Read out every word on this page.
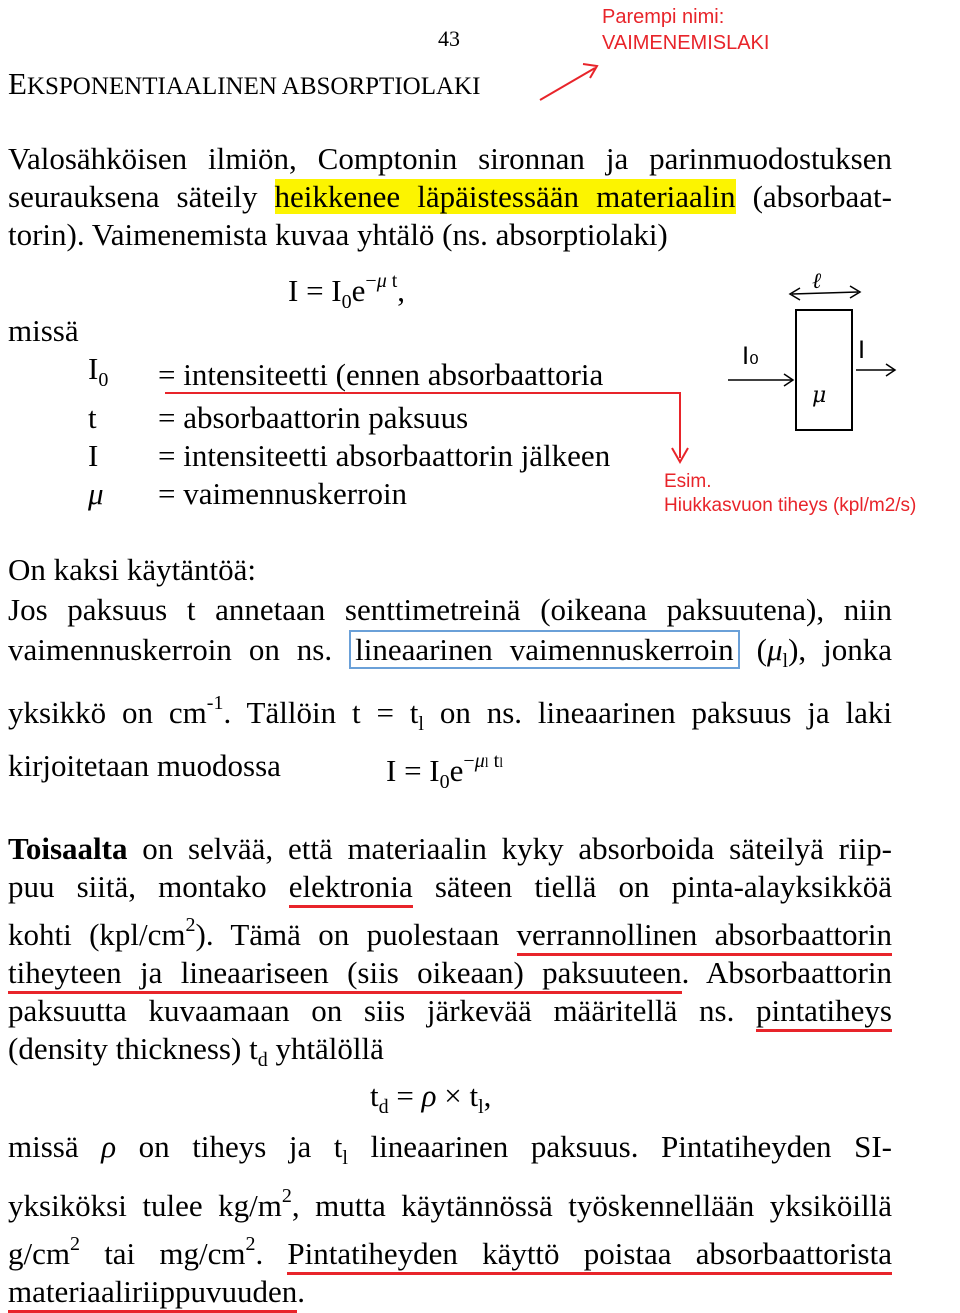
43
Parempi nimi:
VAIMENEMISLAKI
EKSPONENTIAALINEN ABSORPTIOLAKI
Valosähköisen ilmiön, Comptonin sironnan ja parinmuodostuksen
seurauksena säteily heikkenee läpäistessään materiaalin (absorbaat-
torin). Vaimenemista kuvaa yhtälö (ns. absorptiolaki)
$I = I_0e^{-\mu t}$,
missä
$I_0$	= intensiteetti (ennen absorbaattoria
t	= absorbaattorin paksuus
I	= intensiteetti absorbaattorin jälkeen
μ	= vaimennuskerroin
ℓ
I₀	I
μ
Esim.
Hiukkasvuon tiheys (kpl/m2/s)
On kaksi käytäntöä:
Jos paksuus t annetaan senttimetreinä (oikeana paksuutena), niin
vaimennuskerroin on ns. lineaarinen vaimennuskerroin $(\mu_l)$, jonka
yksikkö on $cm^{-1}$. Tällöin $t = t_l$ on ns. lineaarinen paksuus ja laki
kirjoitetaan muodossa	$I = I_0e^{-\mu l tl}$
Toisaalta on selvää, että materiaalin kyky absorboida säteilyä riip-
puu siitä, montako elektronia säteen tiellä on pinta-alayksikköä
kohti $(kpl/cm^2)$. Tämä on puolestaan verrannollinen absorbaattorin
tiheyteen ja lineaariseen (siis oikeaan) paksuuteen. Absorbaattorin
paksuutta kuvaamaan on siis järkevää määritellä ns. pintatiheys
(density thickness) $t_d$ yhtälöllä
$t_d = \rho \times t_l$,
missä ρ on tiheys ja $t_l$ lineaarinen paksuus. Pintatiheyden SI-
yksiköksi tulee $kg/m^2$, mutta käytännössä työskennellään yksiköillä
$g/cm^2$ tai $mg/cm^2$. Pintatiheyden käyttö poistaa absorbaattorista
materiaaliriippuvuuden.
